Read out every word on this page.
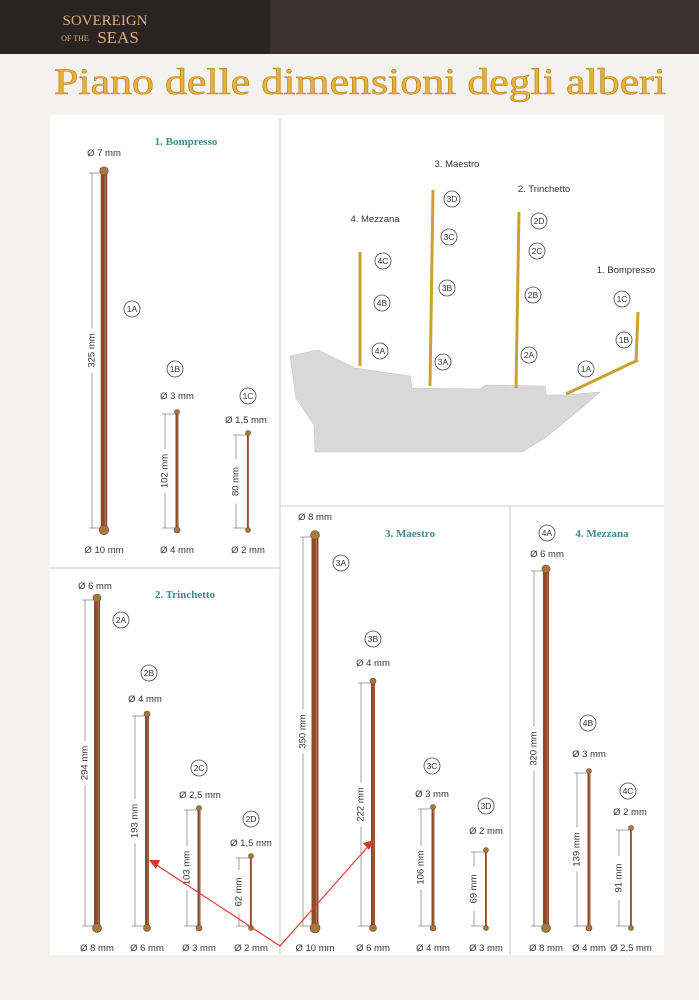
SOVEREIGN
OF THE SEAS
Piano delle dimensioni degli alberi
3. Maestro
2. Trinchetto
4. Mezzana
1. Bompresso
3D
3C
3B
3A
2D
2C
2B
2A
4C
4B
4A
1C
1B
1A
1. Bompresso
2. Trinchetto
3. Maestro	4. Mezzana
325 mm
Ø 7 mm
Ø 10 mm
1A
102 mm
Ø 3 mm
Ø 4 mm
1B
80 mm
Ø 1,5 mm
Ø 2 mm
1C
294 mm
Ø 6 mm
Ø 8 mm
2A
193 mm
Ø 4 mm
Ø 6 mm
2B
103 mm
Ø 2,5 mm
Ø 3 mm
2C
62 mm
Ø 1,5 mm
Ø 2 mm
2D
350 mm
Ø 8 mm
Ø 10 mm
3A
222 mm
Ø 4 mm
Ø 6 mm
3B
106 mm
Ø 3 mm
Ø 4 mm
3C
69 mm
Ø 2 mm
Ø 3 mm
3D
320 mm
Ø 6 mm
Ø 8 mm
4A
139 mm
Ø 3 mm
Ø 4 mm
4B
91 mm
Ø 2 mm
Ø 2,5 mm
4C
